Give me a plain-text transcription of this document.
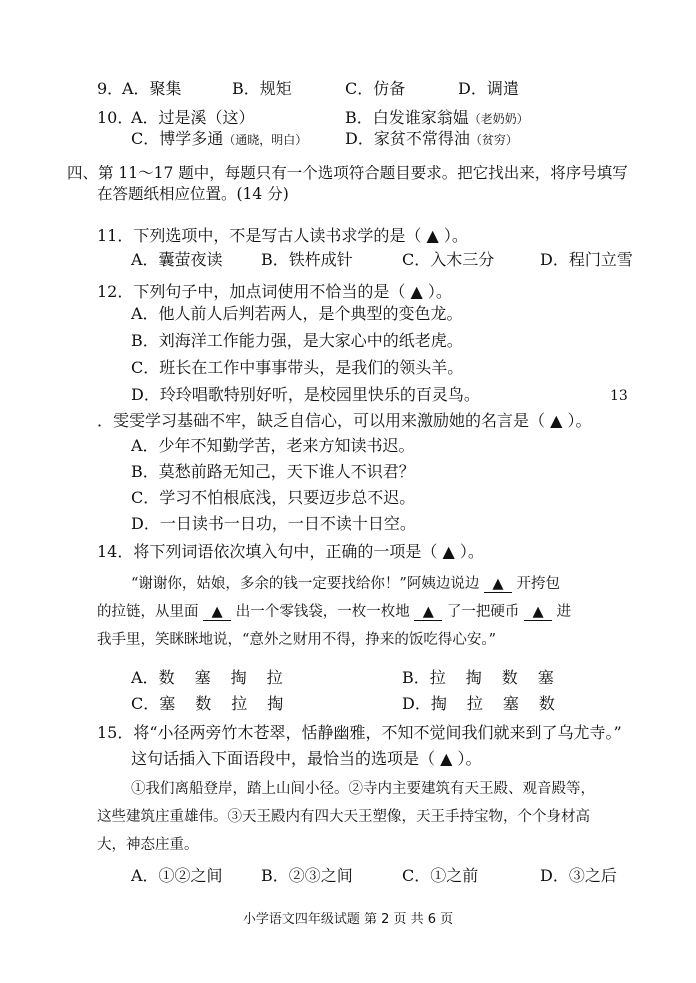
9．
A．聚集	B．规矩	C．仿备	D．调遣
10．
A．过是溪（这）	B．白发谁家翁媪（老奶奶）
C．博学多通（通晓，明白） D．家贫不常得油（贫穷）
四、第 11～17 题中，每题只有一个选项符合题目要求。把它找出来，将序号填写
在答题纸相应位置。(14 分)
11．下列选项中，不是写古人读书求学的是（ ▲ ）。
A．囊萤夜读 B．铁杵成针	C．入木三分	D．程门立雪
12．下列句子中，加点词使用不恰当的是（ ▲ ）。
A．他人前人后判若两人，是个典型的变色龙。
B．刘海洋工作能力强，是大家心中的纸老虎。
C．班长在工作中事事带头，是我们的领头羊。
D．玲玲唱歌特别好听，是校园里快乐的百灵鸟。	13
．雯雯学习基础不牢，缺乏自信心，可以用来激励她的名言是（ ▲ ）。
A．少年不知勤学苦，老来方知读书迟。
B．莫愁前路无知己，天下谁人不识君？
C．学习不怕根底浅，只要迈步总不迟。
D．一日读书一日功，一日不读十日空。
14．将下列词语依次填入句中，正确的一项是（ ▲ ）。
“谢谢你，姑娘，多余的钱一定要找给你！”阿姨边说边 ▲ 开挎包
的拉链，从里面 ▲ 出一个零钱袋，一枚一枚地 ▲ 了一把硬币 ▲ 进
我手里，笑眯眯地说，“意外之财用不得，挣来的饭吃得心安。”
A．数 塞 掏 拉	B．拉 掏 数 塞
C．塞 数 拉 掏	D．掏 拉 塞 数
15．将“小径两旁竹木苍翠，恬静幽雅，不知不觉间我们就来到了乌尤寺。”
这句话插入下面语段中，最恰当的选项是（ ▲ ）。
①我们离船登岸，踏上山间小径。②寺内主要建筑有天王殿、观音殿等，
这些建筑庄重雄伟。③天王殿内有四大天王塑像，天王手持宝物，个个身材高
大，神态庄重。
A．①②之间 B．②③之间	C．①之前	D．③之后
小学语文四年级试题 第 2 页 共 6 页
